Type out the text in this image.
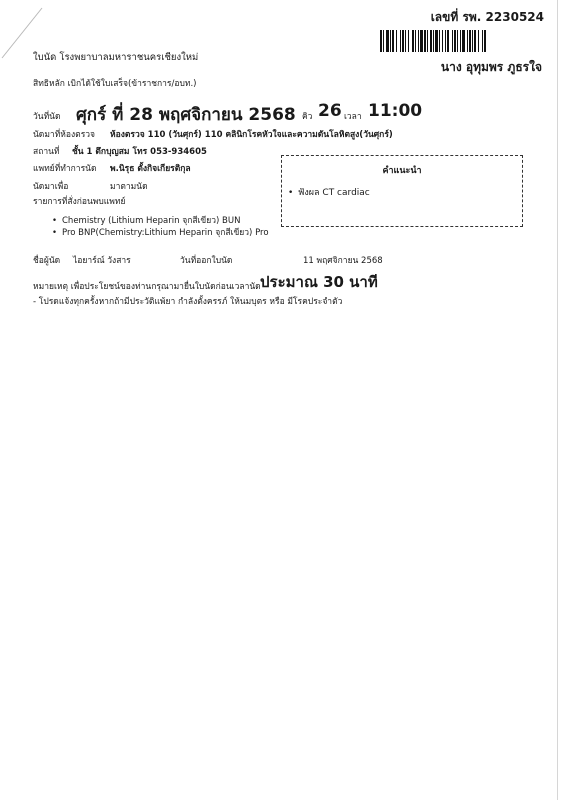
เลขที่ รพ. 2230524
นาง อุทุมพร ภูธรใจ
ใบนัด โรงพยาบาลมหาราชนครเชียงใหม่
สิทธิหลัก เบิกได้ใช้ใบเสร็จ(ข้าราชการ/อบท.)
วันที่นัด ศุกร์ ที่ 28 พฤศจิกายน 2568 คิว 26 เวลา 11:00
นัดมาที่ห้องตรวจ ห้องตรวจ 110 (วันศุกร์) 110 คลินิกโรคหัวใจและความดันโลหิตสูง(วันศุกร์)
สถานที่ ชั้น 1 ตึกบุญสม โทร 053-934605
แพทย์ที่ทำการนัด พ.นิรุธ ตั้งกิจเกียรติกุล
นัดมาเพื่อ	มาตามนัด
รายการที่สั่งก่อนพบแพทย์
• Chemistry (Lithium Heparin จุกสีเขียว) BUN
• Pro BNP(Chemistry:Lithium Heparin จุกสีเขียว) Pro
คำแนะนำ
• ฟังผล CT cardiac
ชื่อผู้นัด ไอยาร์ณ์ วังสาร	วันที่ออกใบนัด	11 พฤศจิกายน 2568
หมายเหตุ เพื่อประโยชน์ของท่านกรุณามายื่นใบนัดก่อนเวลานัด ประมาณ 30 นาที
- โปรดแจ้งทุกครั้งหากถ้ามีประวัติแพ้ยา กำลังตั้งครรภ์ ให้นมบุตร หรือ มีโรคประจำตัว
